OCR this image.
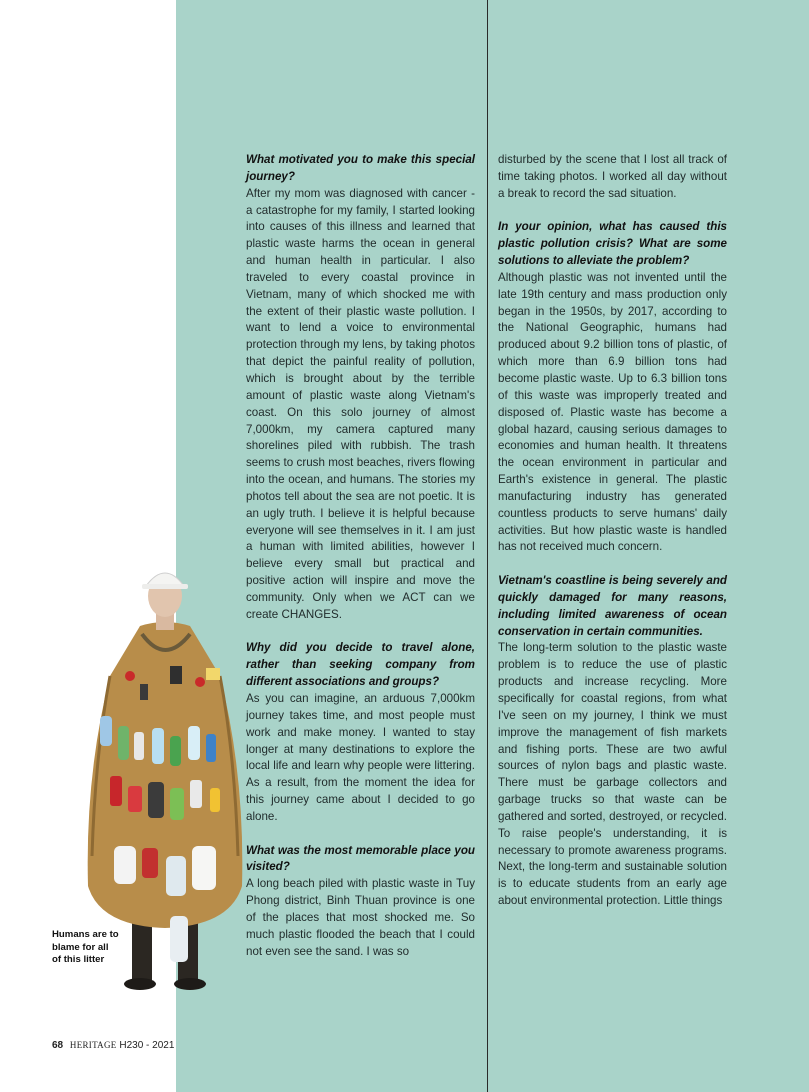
What motivated you to make this special journey?

After my mom was diagnosed with cancer - a catastrophe for my family, I started looking into causes of this illness and learned that plastic waste harms the ocean in general and human health in particular. I also traveled to every coastal province in Vietnam, many of which shocked me with the extent of their plastic waste pollution. I want to lend a voice to environmental protection through my lens, by taking photos that depict the painful reality of pollution, which is brought about by the terrible amount of plastic waste along Vietnam's coast. On this solo journey of almost 7,000km, my camera captured many shorelines piled with rubbish. The trash seems to crush most beaches, rivers flowing into the ocean, and humans. The stories my photos tell about the sea are not poetic. It is an ugly truth. I believe it is helpful because everyone will see themselves in it. I am just a human with limited abilities, however I believe every small but practical and positive action will inspire and move the community. Only when we ACT can we create CHANGES.

Why did you decide to travel alone, rather than seeking company from different associations and groups?

As you can imagine, an arduous 7,000km journey takes time, and most people must work and make money. I wanted to stay longer at many destinations to explore the local life and learn why people were littering. As a result, from the moment the idea for this journey came about I decided to go alone.

What was the most memorable place you visited?

A long beach piled with plastic waste in Tuy Phong district, Binh Thuan province is one of the places that most shocked me. So much plastic flooded the beach that I could not even see the sand. I was so

disturbed by the scene that I lost all track of time taking photos. I worked all day without a break to record the sad situation.

In your opinion, what has caused this plastic pollution crisis? What are some solutions to alleviate the problem?

Although plastic was not invented until the late 19th century and mass production only began in the 1950s, by 2017, according to the National Geographic, humans had produced about 9.2 billion tons of plastic, of which more than 6.9 billion tons had become plastic waste. Up to 6.3 billion tons of this waste was improperly treated and disposed of. Plastic waste has become a global hazard, causing serious damages to economies and human health. It threatens the ocean environment in particular and Earth's existence in general. The plastic manufacturing industry has generated countless products to serve humans' daily activities. But how plastic waste is handled has not received much concern.

Vietnam's coastline is being severely and quickly damaged for many reasons, including limited awareness of ocean conservation in certain communities.

The long-term solution to the plastic waste problem is to reduce the use of plastic products and increase recycling. More specifically for coastal regions, from what I've seen on my journey, I think we must improve the management of fish markets and fishing ports. These are two awful sources of nylon bags and plastic waste. There must be garbage collectors and garbage trucks so that waste can be gathered and sorted, destroyed, or recycled. To raise people's understanding, it is necessary to promote awareness programs. Next, the long-term and sustainable solution is to educate students from an early age about environmental protection. Little things

Humans are to
blame for all
of this litter
68 HERITAGE H230 - 2021
